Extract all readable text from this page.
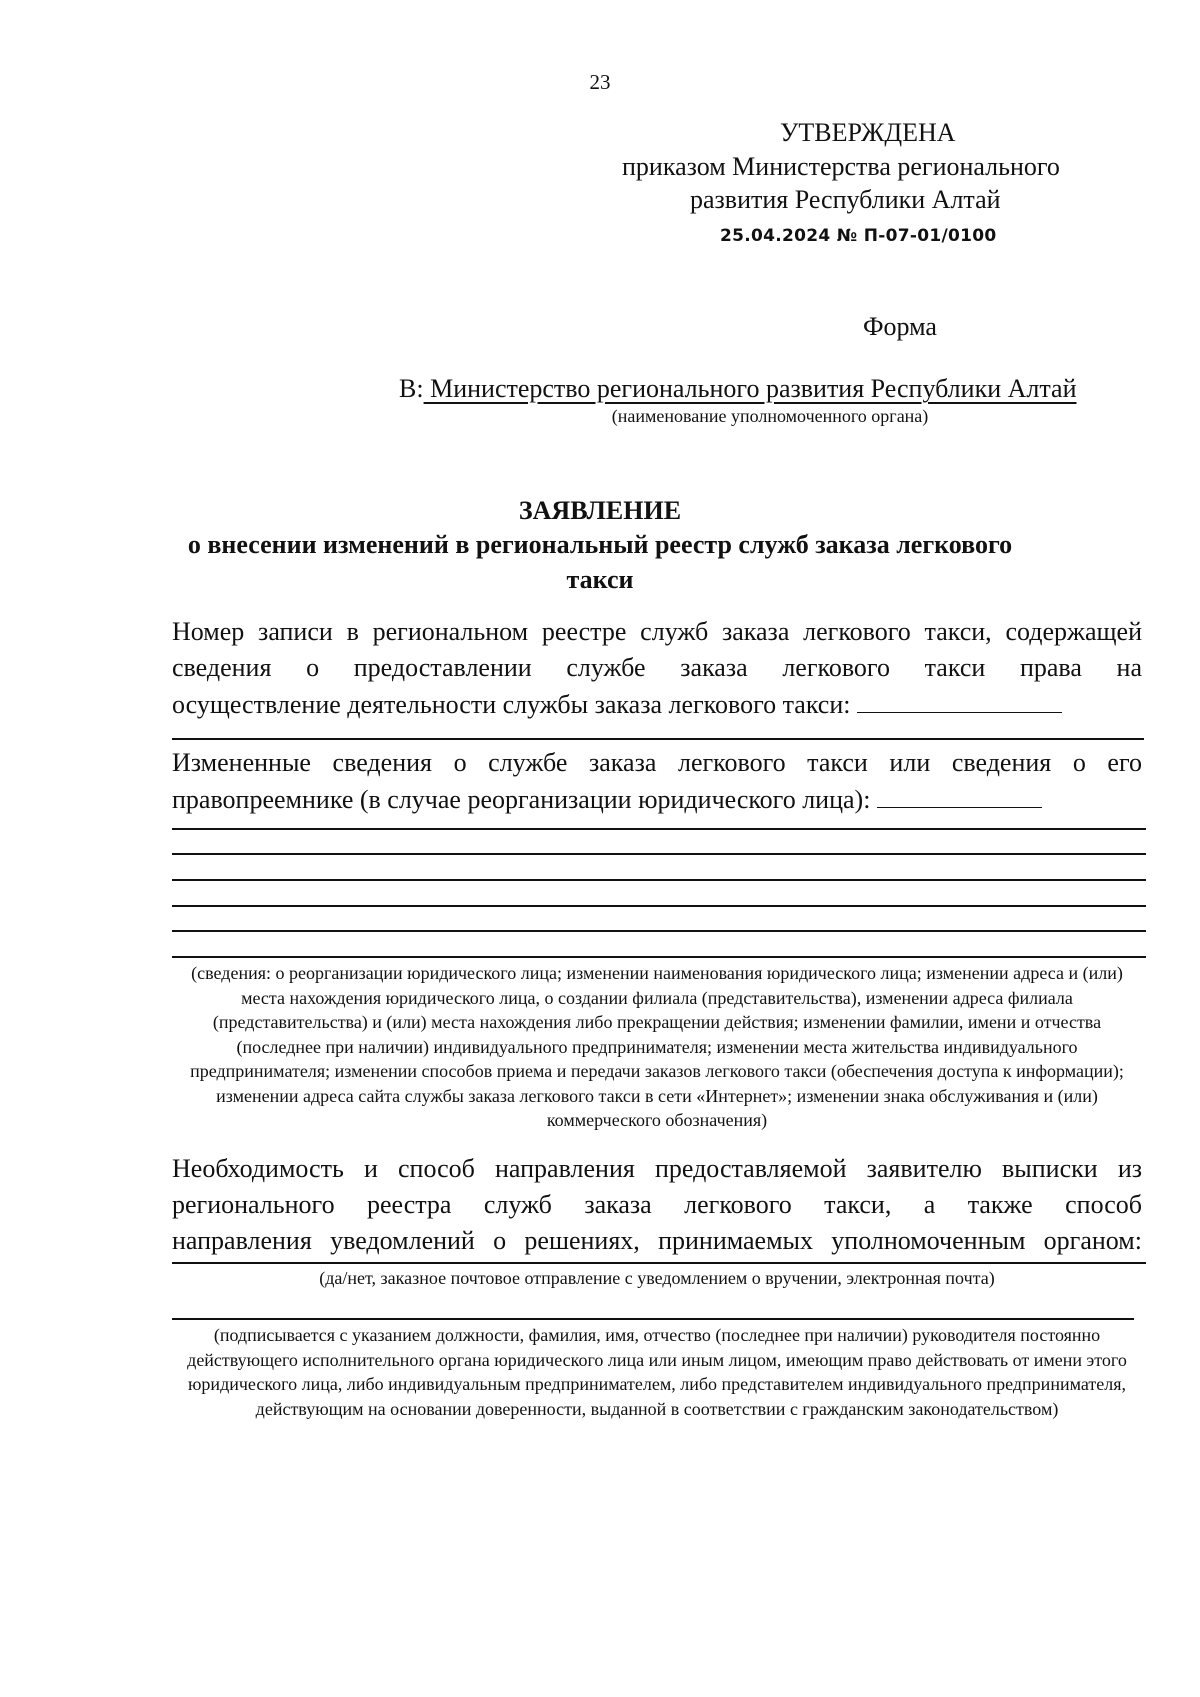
23
УТВЕРЖДЕНА
приказом Министерства регионального
развития Республики Алтай
25.04.2024 № П-07-01/0100
Форма
В: Министерство регионального развития Республики Алтай
(наименование уполномоченного органа)
ЗАЯВЛЕНИЕ
о внесении изменений в региональный реестр служб заказа легкового
такси
Номер записи в региональном реестре служб заказа легкового такси, содержащей
сведения о предоставлении службе заказа легкового такси права на
осуществление деятельности службы заказа легкового такси:
Измененные сведения о службе заказа легкового такси или сведения о его
правопреемнике (в случае реорганизации юридического лица):
(сведения: о реорганизации юридического лица; изменении наименования юридического лица; изменении адреса и (или) места нахождения юридического лица, о создании филиала (представительства), изменении адреса филиала (представительства) и (или) места нахождения либо прекращении действия; изменении фамилии, имени и отчества (последнее при наличии) индивидуального предпринимателя; изменении места жительства индивидуального предпринимателя; изменении способов приема и передачи заказов легкового такси (обеспечения доступа к информации); изменении адреса сайта службы заказа легкового такси в сети «Интернет»; изменении знака обслуживания и (или) коммерческого обозначения)
Необходимость и способ направления предоставляемой заявителю выписки из
регионального реестра служб заказа легкового такси, а также способ
направления уведомлений о решениях, принимаемых уполномоченным органом:
(да/нет, заказное почтовое отправление с уведомлением о вручении, электронная почта)
(подписывается с указанием должности, фамилия, имя, отчество (последнее при наличии) руководителя постоянно действующего исполнительного органа юридического лица или иным лицом, имеющим право действовать от имени этого юридического лица, либо индивидуальным предпринимателем, либо представителем индивидуального предпринимателя, действующим на основании доверенности, выданной в соответствии с гражданским законодательством)
